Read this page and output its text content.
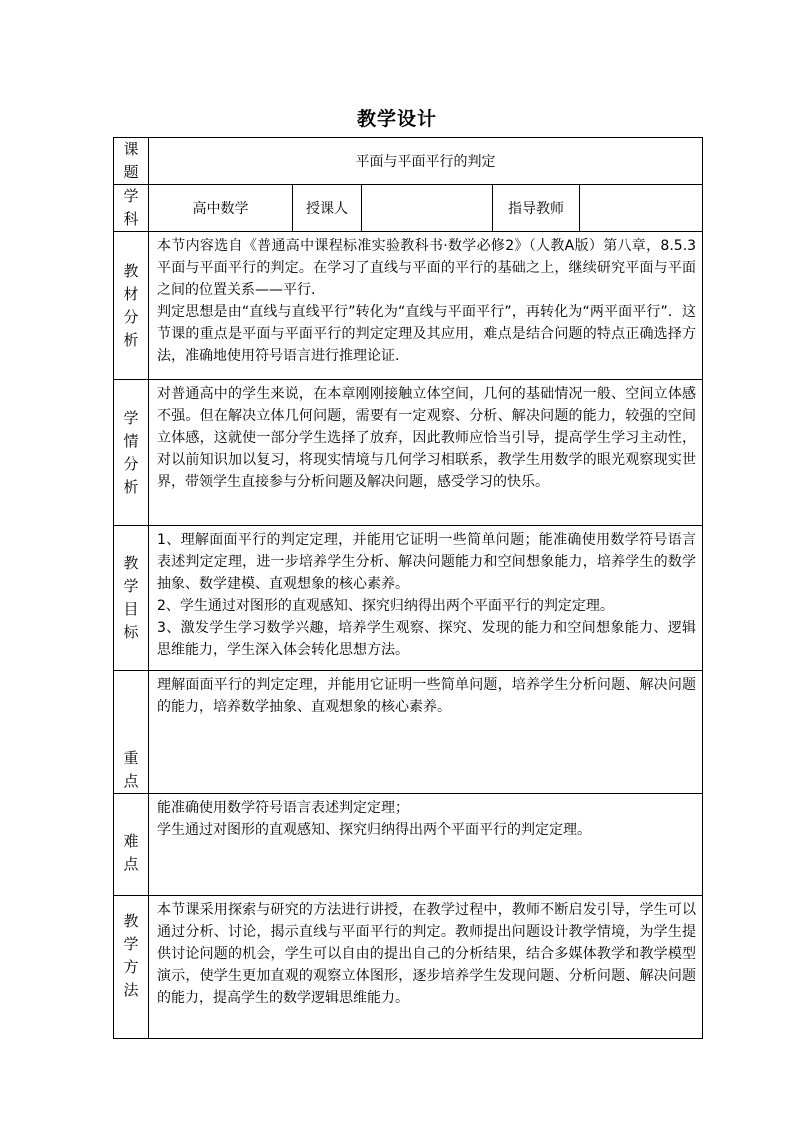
教学设计
课题	平面与平面平行的判定				

学科	高中数学	授课人		指导教师	

教材分析	本节内容选自《普通高中课程标准实验教科书·数学必修2》（人教A版）第八章，8.5.3平面与平面平行的判定。在学习了直线与平面的平行的基础之上，继续研究平面与平面之间的位置关系——平行.

判定思想是由“直线与直线平行”转化为“直线与平面平行”，再转化为“两平面平行”．这节课的重点是平面与平面平行的判定定理及其应用，难点是结合问题的特点正确选择方法，准确地使用符号语言进行推理论证.				

学情分析	对普通高中的学生来说，在本章刚刚接触立体空间，几何的基础情况一般、空间立体感不强。但在解决立体几何问题，需要有一定观察、分析、解决问题的能力，较强的空间立体感，这就使一部分学生选择了放弃，因此教师应恰当引导，提高学生学习主动性，对以前知识加以复习，将现实情境与几何学习相联系，教学生用数学的眼光观察现实世界，带领学生直接参与分析问题及解决问题，感受学习的快乐。				

教学目标	1、理解面面平行的判定定理，并能用它证明一些简单问题；能准确使用数学符号语言表述判定定理，进一步培养学生分析、解决问题能力和空间想象能力，培养学生的数学抽象、数学建模、直观想象的核心素养。

2、学生通过对图形的直观感知、探究归纳得出两个平面平行的判定定理。

3、激发学生学习数学兴趣，培养学生观察、探究、发现的能力和空间想象能力、逻辑思维能力，学生深入体会转化思想方法。				

重点	理解面面平行的判定定理，并能用它证明一些简单问题，培养学生分析问题、解决问题的能力，培养数学抽象、直观想象的核心素养。				

难点	能准确使用数学符号语言表述判定定理；

学生通过对图形的直观感知、探究归纳得出两个平面平行的判定定理。				

教学方法	本节课采用探索与研究的方法进行讲授，在教学过程中，教师不断启发引导，学生可以通过分析、讨论，揭示直线与平面平行的判定。教师提出问题设计教学情境，为学生提供讨论问题的机会，学生可以自由的提出自己的分析结果，结合多媒体教学和教学模型演示，使学生更加直观的观察立体图形，逐步培养学生发现问题、分析问题、解决问题的能力，提高学生的数学逻辑思维能力。				
